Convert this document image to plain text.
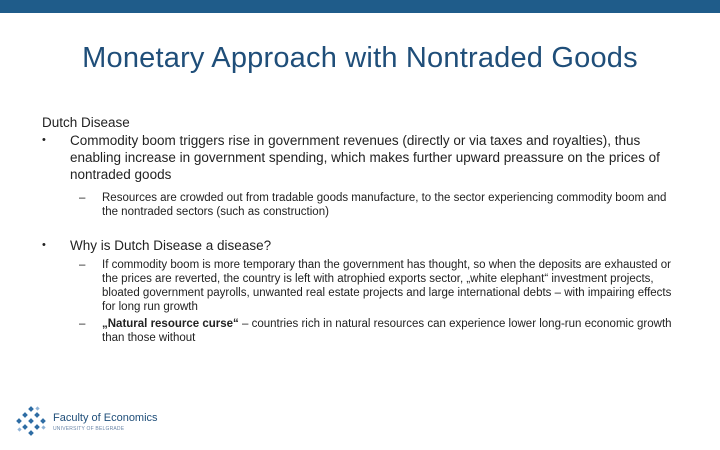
Monetary Approach with Nontraded Goods
Dutch Disease
• Commodity boom triggers rise in government revenues (directly or via taxes and royalties), thus enabling increase in government spending, which makes further upward preassure on the prices of nontraded goods
– Resources are crowded out from tradable goods manufacture, to the sector experiencing commodity boom and the nontraded sectors (such as construction)
• Why is Dutch Disease a disease?
– If commodity boom is more temporary than the government has thought, so when the deposits are exhausted or the prices are reverted, the country is left with atrophied exports sector, „white elephant“ investment projects, bloated government payrolls, unwanted real estate projects and large international debts – with impairing effects for long run growth
– „Natural resource curse“ – countries rich in natural resources can experience lower long-run economic growth than those without
Faculty of Economics
UNIVERSITY OF BELGRADE
